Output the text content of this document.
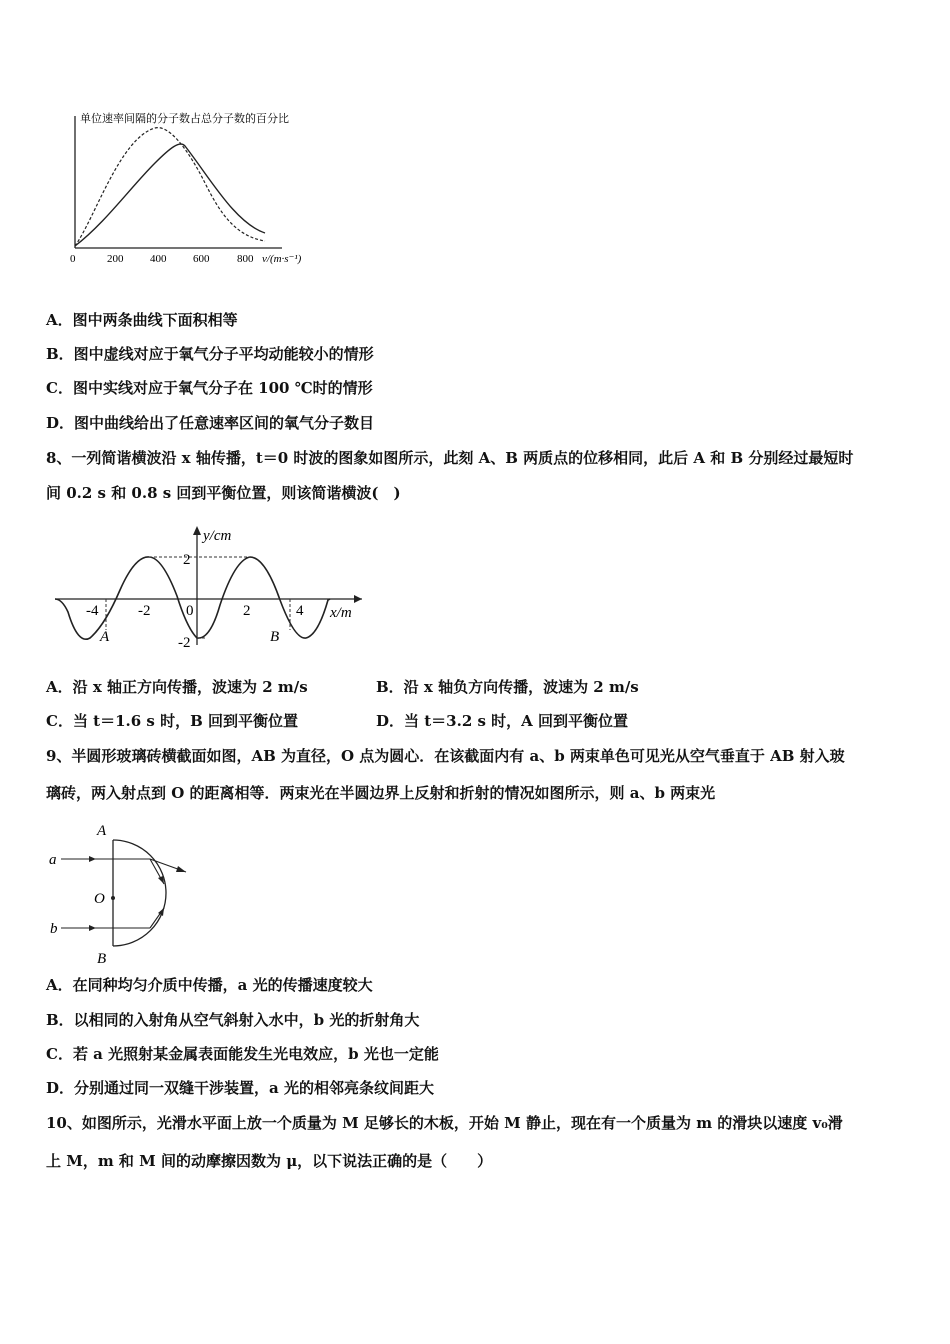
单位速率间隔的分子数占总分子数的百分比
0	200 400 600	800 v/(m·s⁻¹)
A．图中两条曲线下面积相等
B．图中虚线对应于氧气分子平均动能较小的情形
C．图中实线对应于氧气分子在 100 ℃时的情形
D．图中曲线给出了任意速率区间的氧气分子数目
8、一列简谐横波沿 x 轴传播，t＝0 时波的图象如图所示，此刻 A、B 两质点的位移相同，此后 A 和 B 分别经过最短时
间 0.2 s 和 0.8 s 回到平衡位置，则该简谐横波(　)
y/cm
x/m
2
-2
0
-4	-2	2	4
A	B
A．沿 x 轴正方向传播，波速为 2 m/s	B．沿 x 轴负方向传播，波速为 2 m/s
C．当 t＝1.6 s 时，B 回到平衡位置	D．当 t＝3.2 s 时，A 回到平衡位置
9、半圆形玻璃砖横截面如图，AB 为直径，O 点为圆心．在该截面内有 a、b 两束单色可见光从空气垂直于 AB 射入玻
璃砖，两入射点到 O 的距离相等．两束光在半圆边界上反射和折射的情况如图所示，则 a、b 两束光
A
B
O
a
b
A．在同种均匀介质中传播，a 光的传播速度较大
B．以相同的入射角从空气斜射入水中，b 光的折射角大
C．若 a 光照射某金属表面能发生光电效应，b 光也一定能
D．分别通过同一双缝干涉装置，a 光的相邻亮条纹间距大
10、如图所示，光滑水平面上放一个质量为 M 足够长的木板，开始 M 静止，现在有一个质量为 m 的滑块以速度 v₀滑
上 M，m 和 M 间的动摩擦因数为 μ，以下说法正确的是（　　）
